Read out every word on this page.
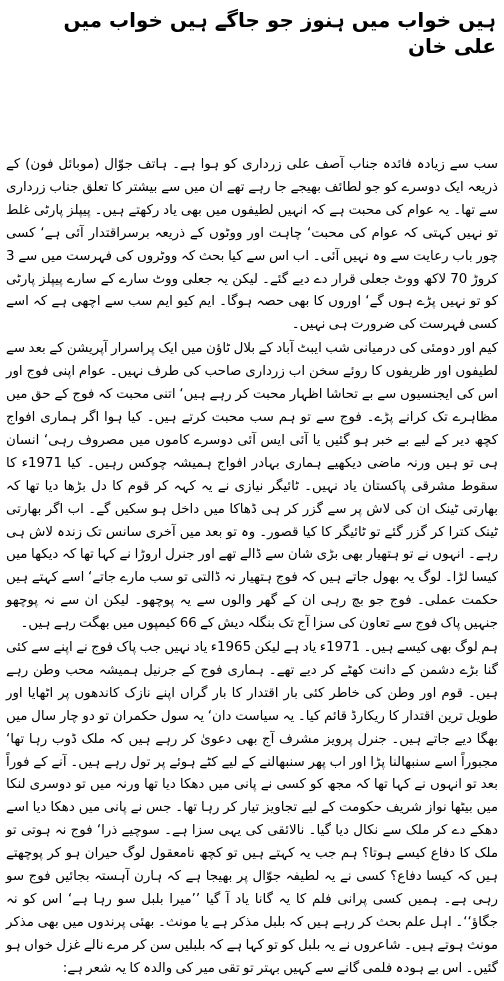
ہیں خواب میں ہنوز جو جاگے ہیں خواب میں
علی خان

سب سے زیادہ فائدہ جناب آصف علی زرداری کو ہوا ہے۔ ہاتف جوّال (موبائل فون) کے ذریعہ ایک دوسرے کو جو لطائف بھیجے جا رہے تھے ان میں سے بیشتر کا تعلق جناب زرداری سے تھا۔ یہ عوام کی محبت ہے کہ انہیں لطیفوں میں بھی یاد رکھتے ہیں۔ پیپلز پارٹی غلط تو نہیں کہتی کہ عوام کی محبت‘ چاہت اور ووٹوں کے ذریعہ برسراقتدار آئی ہے‘ کسی چور باب رعایت سے وہ نہیں آئی۔ اب اس سے کیا بحث کہ ووٹروں کی فہرست میں سے 3 کروڑ 70 لاکھ ووٹ جعلی قرار دے دیے گئے۔ لیکن یہ جعلی ووٹ سارے کے سارے پیپلز پارٹی کو تو نہیں پڑے ہوں گے‘ اوروں کا بھی حصہ ہوگا۔ ایم کیو ایم سب سے اچھی ہے کہ اسے کسی فہرست کی ضرورت ہی نہیں۔

کیم اور دومئی کی درمیانی شب ایبٹ آباد کے بلال ٹاؤن میں ایک پراسرار آپریشن کے بعد سے لطیفوں اور ظریفوں کا روئے سخن اب زرداری صاحب کی طرف نہیں۔ عوام اپنی فوج اور اس کی ایجنسیوں سے بے تحاشا اظہار محبت کر رہے ہیں‘ اتنی محبت کہ فوج کے حق میں مظاہرے تک کرانے پڑے۔ فوج سے تو ہم سب محبت کرتے ہیں۔ کیا ہوا اگر ہماری افواج کچھ دیر کے لیے بے خبر ہو گئیں یا آئی ایس آئی دوسرے کاموں میں مصروف رہی‘ انسان ہی تو ہیں ورنہ ماضی دیکھیے ہماری بہادر افواج ہمیشہ چوکس رہیں۔ کیا 1971ء کا سقوط مشرقی پاکستان یاد نہیں۔ ٹائیگر نیازی نے یہ کہہ کر قوم کا دل بڑھا دیا تھا کہ بھارتی ٹینک ان کی لاش پر سے گزر کر ہی ڈھاکا میں داخل ہو سکیں گے۔ اب اگر بھارتی ٹینک کترا کر گزر گئے تو ٹائیگر کا کیا قصور۔ وہ تو بعد میں آخری سانس تک زندہ لاش ہی رہے۔ انہوں نے تو ہتھیار بھی بڑی شان سے ڈالے تھے اور جنرل اروڑا نے کہا تھا کہ دیکھا میں کیسا لڑا۔ لوگ یہ بھول جاتے ہیں کہ فوج ہتھیار نہ ڈالتی تو سب مارے جاتے‘ اسے کہتے ہیں حکمت عملی۔ فوج جو بچ رہی ان کے گھر والوں سے یہ پوچھو۔ لیکن ان سے نہ پوچھو جنہیں پاک فوج سے تعاون کی سزا آج تک بنگلہ دیش کے 66 کیمپوں میں بھگت رہے ہیں۔

ہم لوگ بھی کیسے ہیں۔ 1971ء یاد ہے لیکن 1965ء یاد نہیں جب پاک فوج نے اپنے سے کئی گنا بڑے دشمن کے دانت کھٹے کر دیے تھے۔ ہماری فوج کے جرنیل ہمیشہ محب وطن رہے ہیں۔ قوم اور وطن کی خاطر کئی بار اقتدار کا بار گراں اپنے نازک کاندھوں پر اٹھایا اور طویل ترین اقتدار کا ریکارڈ قائم کیا۔ یہ سیاست دان‘ یہ سول حکمران تو دو چار سال میں بھگا دیے جاتے ہیں۔ جنرل پرویز مشرف آج بھی دعویٰ کر رہے ہیں کہ ملک ڈوب رہا تھا‘ مجبوراً اسے سنبھالنا پڑا اور اب پھر سنبھالنے کے لیے کٹے ہوئے پر تول رہے ہیں۔ آنے کے فوراً بعد تو انہوں نے کہا تھا کہ مجھ کو کسی نے پانی میں دھکا دیا تھا ورنہ میں تو دوسری لنکا میں بیٹھا نواز شریف حکومت کے لیے تجاویز تیار کر رہا تھا۔ جس نے پانی میں دھکا دیا اسے دھکے دے کر ملک سے نکال دیا گیا۔ نالائقی کی یہی سزا ہے۔ سوچیے ذرا‘ فوج نہ ہوتی تو ملک کا دفاع کیسے ہوتا؟ ہم جب یہ کہتے ہیں تو کچھ نامعقول لوگ حیران ہو کر پوچھتے ہیں کہ کیسا دفاع؟ کسی نے یہ لطیفہ جوّال پر بھیجا ہے کہ ہارن آہستہ بجائیں فوج سو رہی ہے۔ ہمیں کسی پرانی فلم کا یہ گانا یاد آ گیا ’’میرا بلبل سو رہا ہے‘ اس کو نہ جگاؤ‘‘۔ اہل علم بحث کر رہے ہیں کہ بلبل مذکر ہے یا مونث۔ بھئی پرندوں میں بھی مذکر مونث ہوتے ہیں۔ شاعروں نے یہ بلبل کو تو کہا ہے کہ بلبلیں سن کر مرے نالے غزل خواں ہو گئیں۔ اس بے ہودہ فلمی گانے سے کہیں بہتر تو تقی میر کی والدہ کا یہ شعر ہے:
